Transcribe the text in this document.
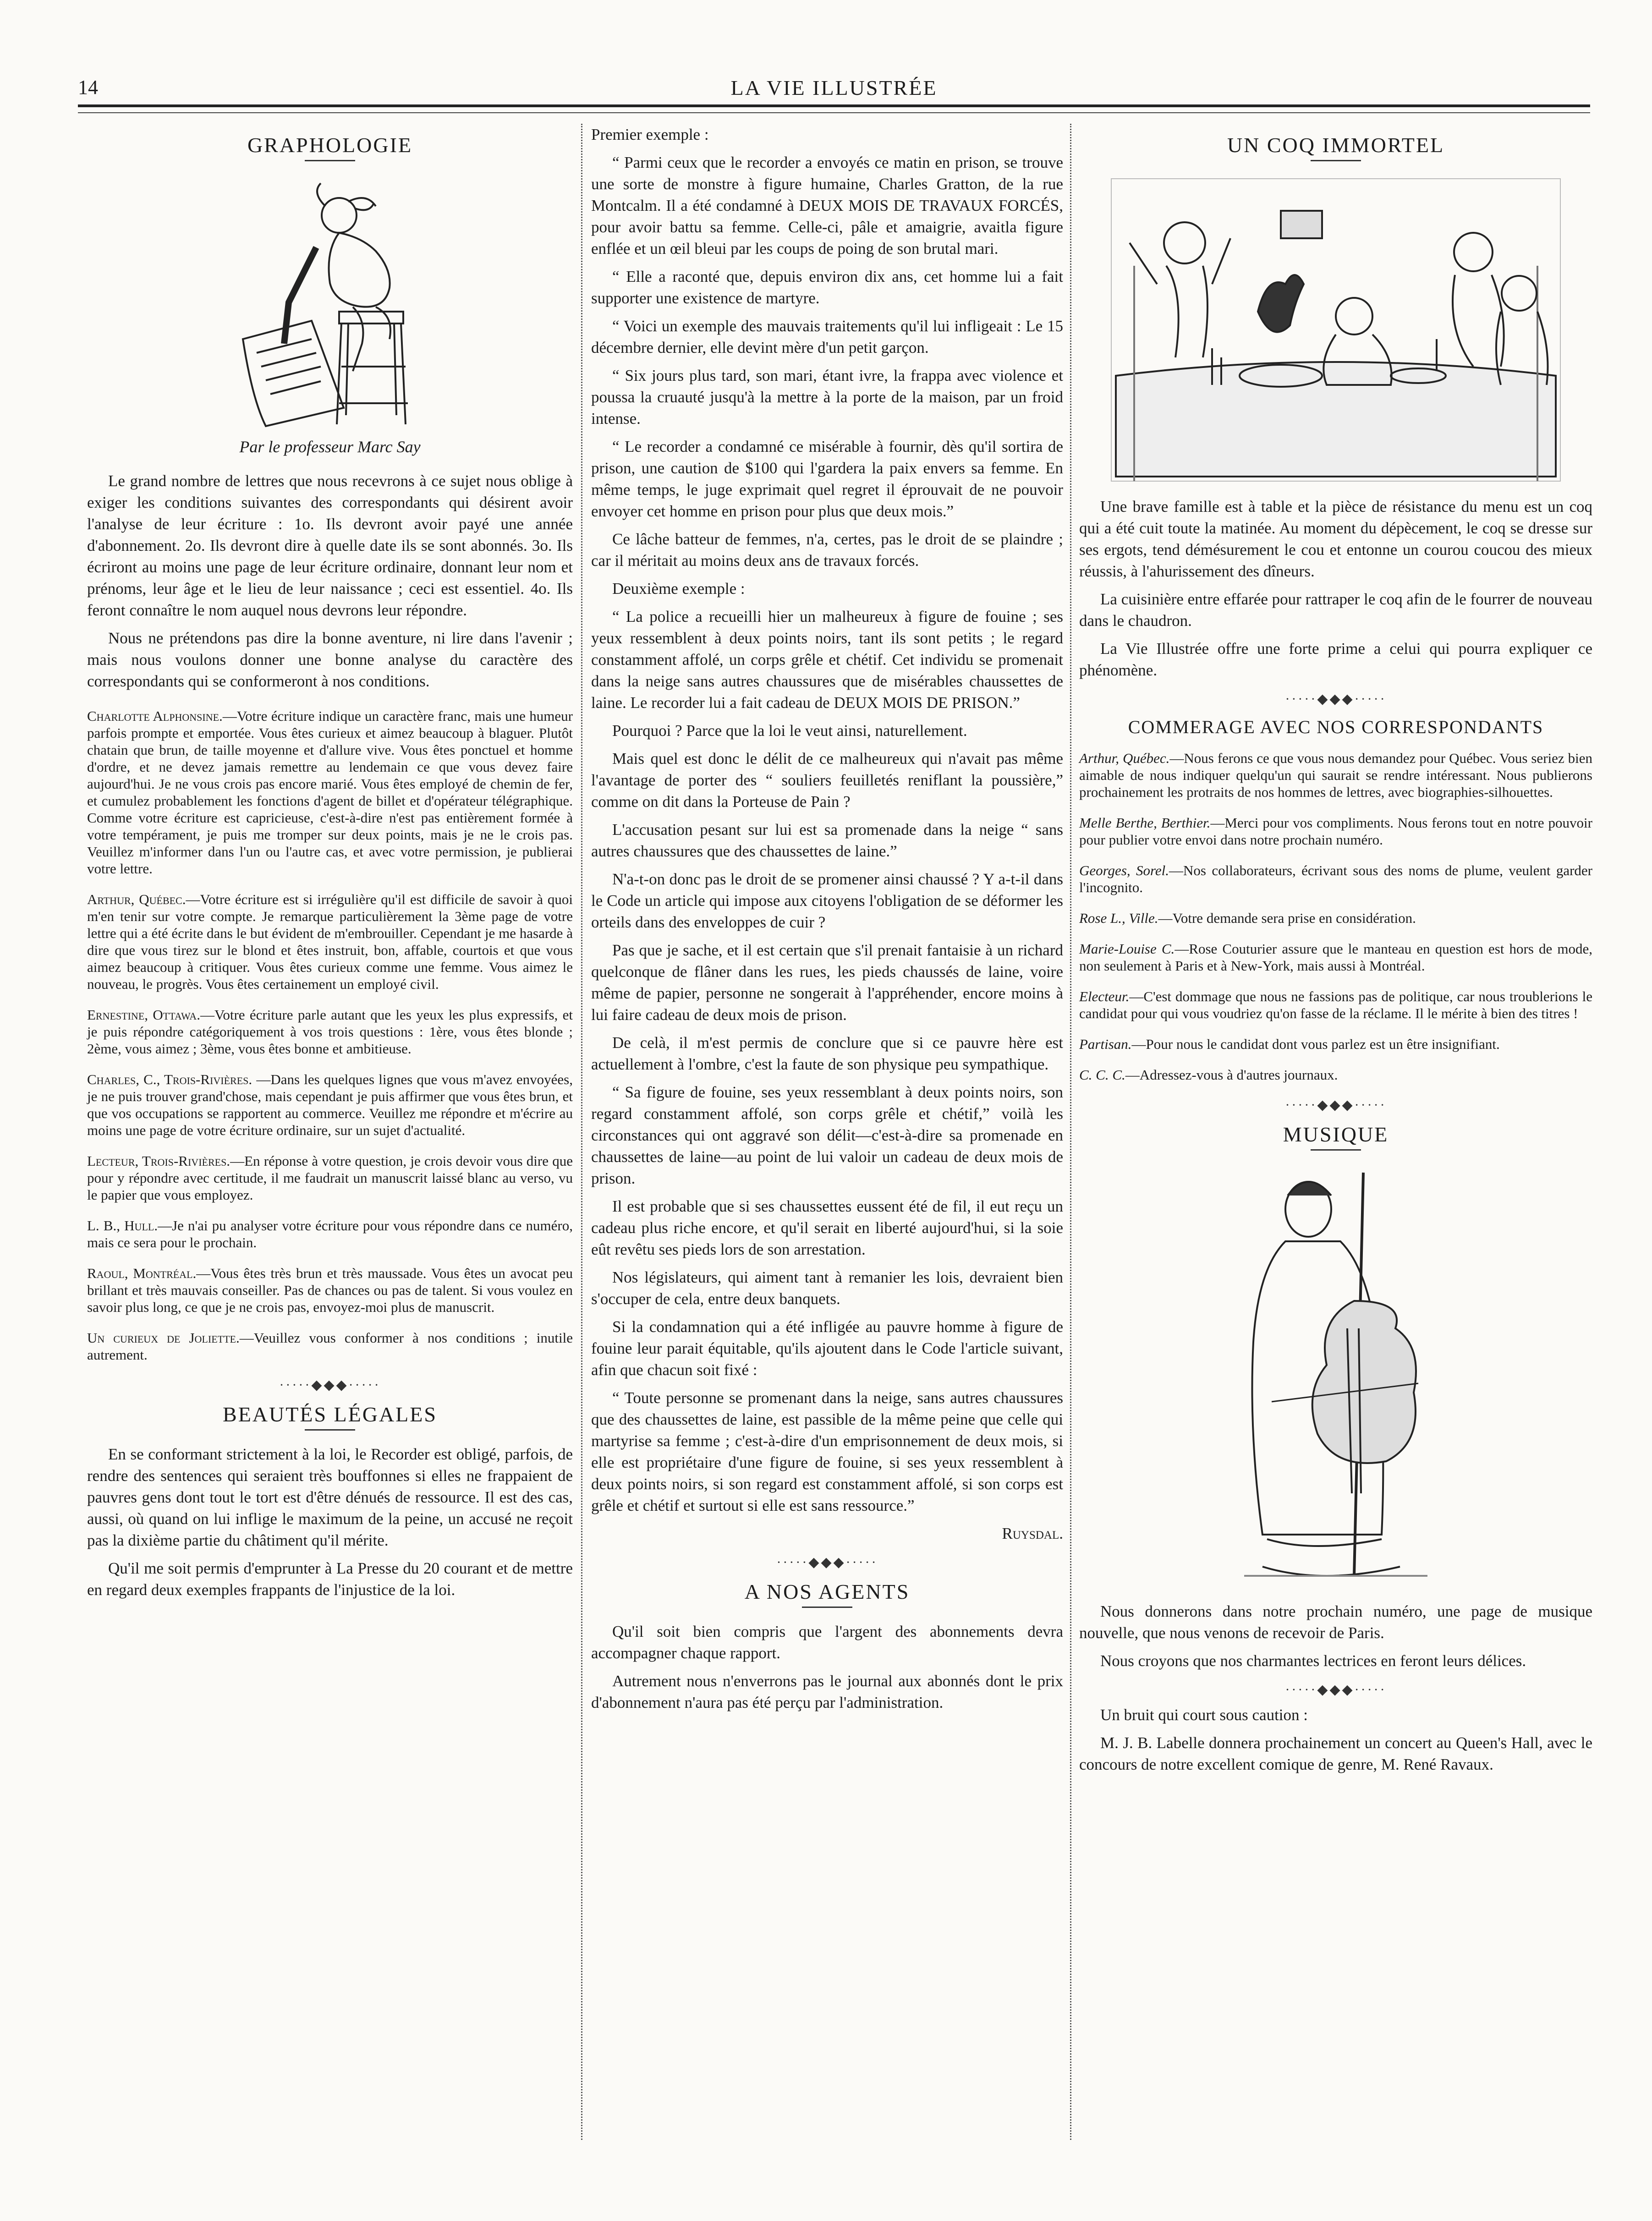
14	LA VIE ILLUSTRÉE
GRAPHOLOGIE
Par le professeur Marc Say

Le grand nombre de lettres que nous recevrons à ce sujet nous oblige à exiger les conditions suivantes des correspondants qui désirent avoir l'analyse de leur écriture : 1o. Ils devront avoir payé une année d'abonnement. 2o. Ils devront dire à quelle date ils se sont abonnés. 3o. Ils écriront au moins une page de leur écriture ordinaire, donnant leur nom et prénoms, leur âge et le lieu de leur naissance ; ceci est essentiel. 4o. Ils feront connaître le nom auquel nous devrons leur répondre.

Nous ne prétendons pas dire la bonne aventure, ni lire dans l'avenir ; mais nous voulons donner une bonne analyse du caractère des correspondants qui se conformeront à nos conditions.

Charlotte Alphonsine.—Votre écriture indique un caractère franc, mais une humeur parfois prompte et emportée. Vous êtes curieux et aimez beaucoup à blaguer. Plutôt chatain que brun, de taille moyenne et d'allure vive. Vous êtes ponctuel et homme d'ordre, et ne devez jamais remettre au lendemain ce que vous devez faire aujourd'hui. Je ne vous crois pas encore marié. Vous êtes employé de chemin de fer, et cumulez probablement les fonctions d'agent de billet et d'opérateur télégraphique. Comme votre écriture est capricieuse, c'est-à-dire n'est pas entièrement formée à votre tempérament, je puis me tromper sur deux points, mais je ne le crois pas. Veuillez m'informer dans l'un ou l'autre cas, et avec votre permission, je publierai votre lettre.

Arthur, Québec.—Votre écriture est si irrégulière qu'il est difficile de savoir à quoi m'en tenir sur votre compte. Je remarque particulièrement la 3ème page de votre lettre qui a été écrite dans le but évident de m'embrouiller. Cependant je me hasarde à dire que vous tirez sur le blond et êtes instruit, bon, affable, courtois et que vous aimez beaucoup à critiquer. Vous êtes curieux comme une femme. Vous aimez le nouveau, le progrès. Vous êtes certainement un employé civil.

Ernestine, Ottawa.—Votre écriture parle autant que les yeux les plus expressifs, et je puis répondre catégoriquement à vos trois questions : 1ère, vous êtes blonde ; 2ème, vous aimez ; 3ème, vous êtes bonne et ambitieuse.

Charles, C., Trois-Rivières. —Dans les quelques lignes que vous m'avez envoyées, je ne puis trouver grand'chose, mais cependant je puis affirmer que vous êtes brun, et que vos occupations se rapportent au commerce. Veuillez me répondre et m'écrire au moins une page de votre écriture ordinaire, sur un sujet d'actualité.

Lecteur, Trois-Rivières.—En réponse à votre question, je crois devoir vous dire que pour y répondre avec certitude, il me faudrait un manuscrit laissé blanc au verso, vu le papier que vous employez.

L. B., Hull.—Je n'ai pu analyser votre écriture pour vous répondre dans ce numéro, mais ce sera pour le prochain.

Raoul, Montréal.—Vous êtes très brun et très maussade. Vous êtes un avocat peu brillant et très mauvais conseiller. Pas de chances ou pas de talent. Si vous voulez en savoir plus long, ce que je ne crois pas, envoyez-moi plus de manuscrit.

Un curieux de Joliette.—Veuillez vous conformer à nos conditions ; inutile autrement.

·····◆◆◆·····
BEAUTÉS LÉGALES

En se conformant strictement à la loi, le Recorder est obligé, parfois, de rendre des sentences qui seraient très bouffonnes si elles ne frappaient de pauvres gens dont tout le tort est d'être dénués de ressource. Il est des cas, aussi, où quand on lui inflige le maximum de la peine, un accusé ne reçoit pas la dixième partie du châtiment qu'il mérite.

Qu'il me soit permis d'emprunter à La Presse du 20 courant et de mettre en regard deux exemples frappants de l'injustice de la loi.

Premier exemple :

“ Parmi ceux que le recorder a envoyés ce matin en prison, se trouve une sorte de monstre à figure humaine, Charles Gratton, de la rue Montcalm. Il a été condamné à DEUX MOIS DE TRAVAUX FORCÉS, pour avoir battu sa femme. Celle-ci, pâle et amaigrie, avaitla figure enflée et un œil bleui par les coups de poing de son brutal mari.

“ Elle a raconté que, depuis environ dix ans, cet homme lui a fait supporter une existence de martyre.

“ Voici un exemple des mauvais traitements qu'il lui infligeait : Le 15 décembre dernier, elle devint mère d'un petit garçon.

“ Six jours plus tard, son mari, étant ivre, la frappa avec violence et poussa la cruauté jusqu'à la mettre à la porte de la maison, par un froid intense.

“ Le recorder a condamné ce misérable à fournir, dès qu'il sortira de prison, une caution de $100 qui l'gardera la paix envers sa femme. En même temps, le juge exprimait quel regret il éprouvait de ne pouvoir envoyer cet homme en prison pour plus que deux mois.”

Ce lâche batteur de femmes, n'a, certes, pas le droit de se plaindre ; car il méritait au moins deux ans de travaux forcés.

Deuxième exemple :

“ La police a recueilli hier un malheureux à figure de fouine ; ses yeux ressemblent à deux points noirs, tant ils sont petits ; le regard constamment affolé, un corps grêle et chétif. Cet individu se promenait dans la neige sans autres chaussures que de misérables chaussettes de laine. Le recorder lui a fait cadeau de DEUX MOIS DE PRISON.”

Pourquoi ? Parce que la loi le veut ainsi, naturellement.

Mais quel est donc le délit de ce malheureux qui n'avait pas même l'avantage de porter des “ souliers feuilletés reniflant la poussière,” comme on dit dans la Porteuse de Pain ?

L'accusation pesant sur lui est sa promenade dans la neige “ sans autres chaussures que des chaussettes de laine.”

N'a-t-on donc pas le droit de se promener ainsi chaussé ? Y a-t-il dans le Code un article qui impose aux citoyens l'obligation de se déformer les orteils dans des enveloppes de cuir ?

Pas que je sache, et il est certain que s'il prenait fantaisie à un richard quelconque de flâner dans les rues, les pieds chaussés de laine, voire même de papier, personne ne songerait à l'appréhender, encore moins à lui faire cadeau de deux mois de prison.

De celà, il m'est permis de conclure que si ce pauvre hère est actuellement à l'ombre, c'est la faute de son physique peu sympathique.

“ Sa figure de fouine, ses yeux ressemblant à deux points noirs, son regard constamment affolé, son corps grêle et chétif,” voilà les circonstances qui ont aggravé son délit—c'est-à-dire sa promenade en chaussettes de laine—au point de lui valoir un cadeau de deux mois de prison.

Il est probable que si ses chaussettes eussent été de fil, il eut reçu un cadeau plus riche encore, et qu'il serait en liberté aujourd'hui, si la soie eût revêtu ses pieds lors de son arrestation.

Nos législateurs, qui aiment tant à remanier les lois, devraient bien s'occuper de cela, entre deux banquets.

Si la condamnation qui a été infligée au pauvre homme à figure de fouine leur parait équitable, qu'ils ajoutent dans le Code l'article suivant, afin que chacun soit fixé :

“ Toute personne se promenant dans la neige, sans autres chaussures que des chaussettes de laine, est passible de la même peine que celle qui martyrise sa femme ; c'est-à-dire d'un emprisonnement de deux mois, si elle est propriétaire d'une figure de fouine, si ses yeux ressemblent à deux points noirs, si son regard est constamment affolé, si son corps est grêle et chétif et surtout si elle est sans ressource.”

Ruysdal.

·····◆◆◆·····
A NOS AGENTS

Qu'il soit bien compris que l'argent des abonnements devra accompagner chaque rapport.

Autrement nous n'enverrons pas le journal aux abonnés dont le prix d'abonnement n'aura pas été perçu par l'administration.

UN COQ IMMORTEL

Une brave famille est à table et la pièce de résistance du menu est un coq qui a été cuit toute la matinée. Au moment du dépècement, le coq se dresse sur ses ergots, tend démésurement le cou et entonne un courou coucou des mieux réussis, à l'ahurissement des dîneurs.

La cuisinière entre effarée pour rattraper le coq afin de le fourrer de nouveau dans le chaudron.

La Vie Illustrée offre une forte prime a celui qui pourra expliquer ce phénomène.

·····◆◆◆·····
COMMERAGE AVEC NOS CORRESPONDANTS

Arthur, Québec.—Nous ferons ce que vous nous demandez pour Québec. Vous seriez bien aimable de nous indiquer quelqu'un qui saurait se rendre intéressant. Nous publierons prochainement les protraits de nos hommes de lettres, avec biographies-silhouettes.

Melle Berthe, Berthier.—Merci pour vos compliments. Nous ferons tout en notre pouvoir pour publier votre envoi dans notre prochain numéro.

Georges, Sorel.—Nos collaborateurs, écrivant sous des noms de plume, veulent garder l'incognito.

Rose L., Ville.—Votre demande sera prise en considération.

Marie-Louise C.—Rose Couturier assure que le manteau en question est hors de mode, non seulement à Paris et à New-York, mais aussi à Montréal.

Electeur.—C'est dommage que nous ne fassions pas de politique, car nous troublerions le candidat pour qui vous voudriez qu'on fasse de la réclame. Il le mérite à bien des titres !

Partisan.—Pour nous le candidat dont vous parlez est un être insignifiant.

C. C. C.—Adressez-vous à d'autres journaux.

·····◆◆◆·····
MUSIQUE

Nous donnerons dans notre prochain numéro, une page de musique nouvelle, que nous venons de recevoir de Paris.

Nous croyons que nos charmantes lectrices en feront leurs délices.

·····◆◆◆·····

Un bruit qui court sous caution :

M. J. B. Labelle donnera prochainement un concert au Queen's Hall, avec le concours de notre excellent comique de genre, M. René Ravaux.
